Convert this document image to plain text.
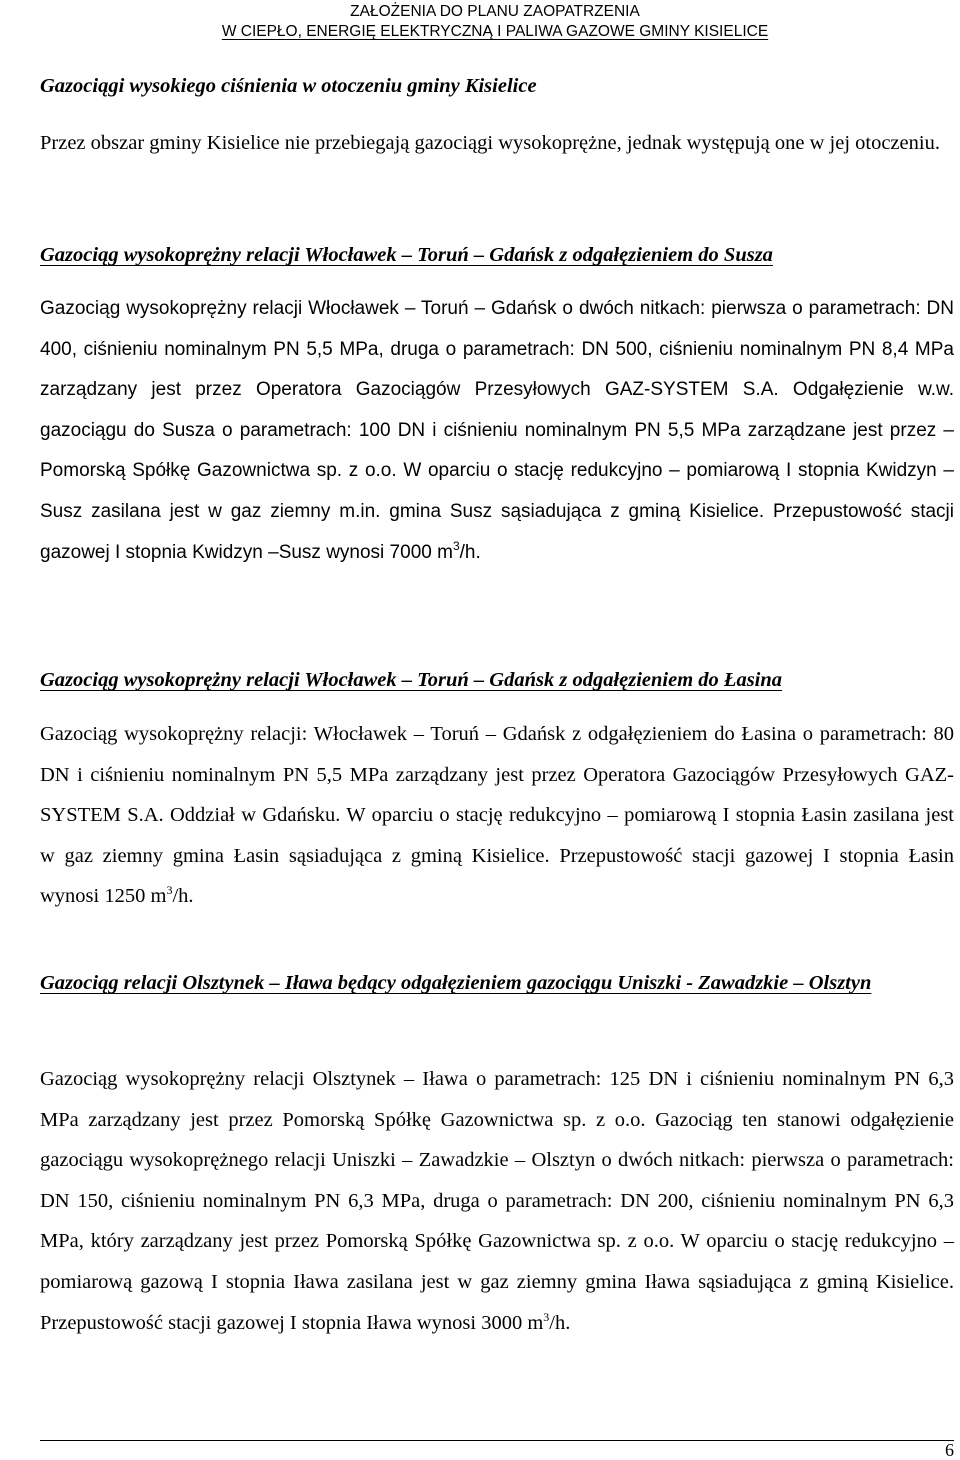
ZAŁOŻENIA DO PLANU ZAOPATRZENIA
W CIEPŁO, ENERGIĘ ELEKTRYCZNĄ I PALIWA GAZOWE GMINY KISIELICE
Gazociągi wysokiego ciśnienia w otoczeniu gminy Kisielice

Przez obszar gminy Kisielice nie przebiegają gazociągi wysokoprężne, jednak występują one w jej otoczeniu.

Gazociąg wysokoprężny relacji Włocławek – Toruń – Gdańsk z odgałęzieniem do Susza

Gazociąg wysokoprężny relacji Włocławek – Toruń – Gdańsk o dwóch nitkach: pierwsza o parametrach: DN 400, ciśnieniu nominalnym PN 5,5 MPa, druga o parametrach: DN 500, ciśnieniu nominalnym PN 8,4 MPa zarządzany jest przez Operatora Gazociągów Przesyłowych GAZ-SYSTEM S.A. Odgałęzienie w.w. gazociągu do Susza o parametrach: 100 DN i ciśnieniu nominalnym PN 5,5 MPa zarządzane jest przez – Pomorską Spółkę Gazownictwa sp. z o.o. W oparciu o stację redukcyjno – pomiarową I stopnia Kwidzyn –Susz zasilana jest w gaz ziemny m.in. gmina Susz sąsiadująca z gminą Kisielice. Przepustowość stacji gazowej I stopnia Kwidzyn –Susz wynosi 7000 $m^3/h$.

Gazociąg wysokoprężny relacji Włocławek – Toruń – Gdańsk z odgałęzieniem do Łasina

Gazociąg wysokoprężny relacji: Włocławek – Toruń – Gdańsk z odgałęzieniem do Łasina o parametrach: 80 DN i ciśnieniu nominalnym PN 5,5 MPa zarządzany jest przez Operatora Gazociągów Przesyłowych GAZ-SYSTEM S.A. Oddział w Gdańsku. W oparciu o stację redukcyjno – pomiarową I stopnia Łasin zasilana jest w gaz ziemny gmina Łasin sąsiadująca z gminą Kisielice. Przepustowość stacji gazowej I stopnia Łasin wynosi 1250 $m^3/h$.

Gazociąg relacji Olsztynek – Iława będący odgałęzieniem gazociągu Uniszki - Zawadzkie – Olsztyn

Gazociąg wysokoprężny relacji Olsztynek – Iława o parametrach: 125 DN i ciśnieniu nominalnym PN 6,3 MPa zarządzany jest przez Pomorską Spółkę Gazownictwa sp. z o.o. Gazociąg ten stanowi odgałęzienie gazociągu wysokoprężnego relacji Uniszki – Zawadzkie – Olsztyn o dwóch nitkach: pierwsza o parametrach: DN 150, ciśnieniu nominalnym PN 6,3 MPa, druga o parametrach: DN 200, ciśnieniu nominalnym PN 6,3 MPa, który zarządzany jest przez Pomorską Spółkę Gazownictwa sp. z o.o. W oparciu o stację redukcyjno – pomiarową gazową I stopnia Iława zasilana jest w gaz ziemny gmina Iława sąsiadująca z gminą Kisielice. Przepustowość stacji gazowej I stopnia Iława wynosi 3000 $m^3/h$.

6
